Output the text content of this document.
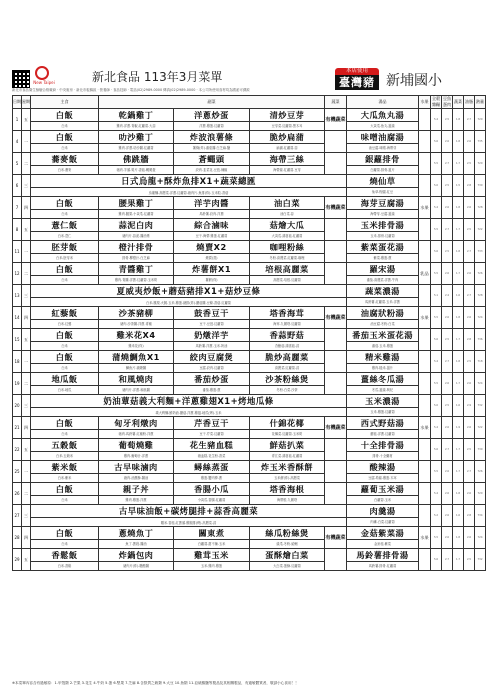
New Taipei	新北食品 113年3月菜單
新北市食品衛生檢驗合格廠商 ‧ 中央廚房 ‧ 新北市板橋區 ‧ 營養師 ‧ 食品技師 ‧ 電話(02)2989-0000 傳真(02)2989-0000 ‧ 本公司所使用食材均為國產可溯源
本店使用
臺灣豬 新埔國小
日期	星期	主食	副菜			蔬菜	湯品	水果	全榖雜糧	豆魚蛋肉	蔬菜	油脂	熱量
1	五	白飯	乾鍋雞丁	洋蔥炒蛋	清炒豆芽	有機蔬菜	大瓜魚丸湯		5.4	2.5	1.8	2.7	720
		白米	雞肉.洋蔥.青椒.紅蘿蔔.大蒜	洋蔥.雞蛋.紅蘿蔔	豆芽菜.紅蘿蔔.黑木耳		大黃瓜.魚丸.薑絲						
4	一	白飯	叻沙雞丁	炸波浪薯條	脆炒扁蒲		味噌油腐湯		5.6	2.6	1.8	2.6	735
		白米	雞肉.洋蔥.叻沙醬.紅蘿蔔	薯條(炸).番茄醬.白芝麻.鹽	扁蒲.紅蘿蔔.蒜		油豆腐.味噌.海帶芽						
5	二	蕎麥飯	佛跳牆	蒼蠅頭	海帶三絲		銀蘿排骨		5.5	2.7	1.7	2.5	720
		白米.蕎麥	豬肉.芋頭.筍片.香菇.鵪鶉蛋	絞肉.韭菜花.豆豉.辣椒	海帶絲.紅蘿蔔.豆芽		白蘿蔔.排骨.薑片						
6	三	日式烏龍+酥炸魚排X1+蔬菜總匯					燒仙草		5.0	2.5	1.5	2.8	730
		烏龍麵.高麗菜.洋蔥.紅蘿蔔.豬肉片.魚排(炸).玉米粒.香菇					仙草.粉圓.紅豆						
7	四	白飯	腰果雞丁	洋芋肉醬	油白菜	有機蔬菜	海芽豆腐湯	水果	5.4	2.6	1.8	2.6	728
		白米	雞肉.腰果.小黃瓜.紅蘿蔔	馬鈴薯.絞肉.洋蔥	油白菜.蒜		海帶芽.豆腐.薑絲						
8	五	薏仁飯	蒜泥白肉	綜合滷味	菇燴大瓜		玉米排骨湯		5.5	2.7	1.7	2.5	722
		白米.薏仁	豬肉片.蒜泥.醬油膏	豆干.海帶.雞蛋.紅蘿蔔	大黃瓜.鴻喜菇.紅蘿蔔		玉米.排骨.紅蘿蔔						
11	一	胚芽飯	橙汁排骨	燒賣X2	咖哩粉絲		紫菜蛋花湯		5.6	2.5	1.8	2.7	733
		白米.胚芽米	排骨.柳橙汁.白芝麻	燒賣(蒸)	冬粉.高麗菜.紅蘿蔔.咖哩		紫菜.雞蛋.蔥						
12	二	白飯	青醬雞丁	炸薯餅X1	培根高麗菜		羅宋湯	乳品	5.5	2.6	1.7	2.6	726
		白米	雞肉.青醬.洋蔥.紅蘿蔔.玉米筍	薯餅(炸)	高麗菜.培根.紅蘿蔔		番茄.高麗菜.洋蔥.牛肉						
13	三	夏威夷炒飯+蘑菇豬排X1+菇炒豆條					蔬菜濃湯		5.1	2.4	1.6	2.7	728
		白米.鳳梨.火腿.玉米.雞蛋.豬排(炸).蘑菇醬.豆條.香菇.紅蘿蔔					馬鈴薯.紅蘿蔔.玉米.洋蔥						
14	四	紅藜飯	沙茶豬柳	鼓香豆干	塔香海茸	有機蔬菜	油腐狀粉湯	水果	5.5	2.6	1.8	2.6	724
		白米.紅藜	豬肉.沙茶醬.洋蔥.青椒	豆干.豆豉.紅蘿蔔	海茸.九層塔.紅蘿蔔		油豆腐.冬粉.白菜						
15	五	白飯	雞米花X4	奶燉洋芋	香蒜野菇		番茄玉米蛋花湯		5.6	2.5	1.7	2.8	736
		白米	雞米花(炸)	馬鈴薯.洋蔥.玉米.奶油	杏鮑菇.鴻喜菇.蒜		番茄.玉米.雞蛋						
18	一	白飯	蒲燒鯛魚X1	絞肉豆腐煲	脆炒高麗菜		精米雞湯		5.4	2.7	1.8	2.5	718
		白米	鯛魚片.蒲燒醬	豆腐.絞肉.紅蘿蔔	高麗菜.紅蘿蔔.蒜		雞肉.糙米.薑片						
19	二	地瓜飯	和風燒肉	番茄炒蛋	沙茶粉絲煲		薑絲冬瓜湯		5.5	2.6	1.7	2.6	724
		白米.地瓜	豬肉片.洋蔥.和風醬	番茄.雞蛋.蔥	冬粉.白菜.沙茶		冬瓜.薑絲.枸杞						
20	三	奶油蕈菇義大利麵+洋蔥雞翅X1+烤地瓜條					玉米濃湯		5.0	2.5	1.6	2.9	732
		義大利麵.鮮奶油.蘑菇.洋蔥.雞翅.地瓜(烤).玉米					玉米.雞蛋.紅蘿蔔						
21	四	白飯	甸牙利燉肉	芹香豆干	什錦花椰	有機蔬菜	西式野菇湯	水果	5.4	2.6	1.9	2.6	722
		白米	豬肉.馬鈴薯.紅椒粉.洋蔥	豆干.芹菜.紅蘿蔔	花椰菜.紅蘿蔔.玉米筍		蘑菇.洋蔥.紅蘿蔔						
22	五	五穀飯	葡萄燒雞	花生豬血糕	鮮菇扒菜		十全排骨湯		5.6	2.7	1.7	2.5	730
		白米.五穀米	雞肉.葡萄汁.洋蔥	豬血糕.花生粉.香菜	青江菜.鴻喜菇.紅蘿蔔		排骨.十全藥材						
25	一	紫米飯	古早味滷肉	蟳絲蒸蛋	炸玉米香酥餅		酸辣湯		5.5	2.6	1.7	2.7	726
		白米.紫米	豬肉.油蔥酥.醬油	雞蛋.蟹肉棒.蔥	玉米餅(炸).高麗菜		豆腐.筍絲.雞蛋.木耳						
26	二	白飯	親子丼	香腸小瓜	塔香海根		蘿蔔玉米湯		5.4	2.6	1.8	2.6	720
		白米	雞肉.雞蛋.洋蔥	小黃瓜.香腸.紅蘿蔔	海帶根.九層塔		白蘿蔔.玉米						
27	三	古早味油飯+碳烤腿排+蒜香高麗菜					肉羹湯		5.2	2.6	1.6	2.8	734
		糯米.香菇.紅蔥頭.雞腿排(烤).高麗菜.蒜					肉羹.白菜.紅蘿蔔						
28	四	白飯	蔥燒魚丁	關東煮	絲瓜粉絲煲	有機蔬菜	金菇紫菜湯	水果	5.5	2.6	1.8	2.6	724
		白米	魚丁.蔥段.醬油	白蘿蔔.甜不辣.玉米	絲瓜.冬粉.蛤蜊		金針菇.紫菜						
29	五	香鬆飯	炸鍋包肉	雞茸玉米	蛋酥燴白菜		馬鈴薯排骨湯		5.6	2.7	1.7	2.5	732
		白米.香鬆	豬肉片(炸).糖醋醬	玉米.雞肉.雞蛋	大白菜.蛋酥.紅蘿蔔		馬鈴薯.排骨.紅蘿蔔						
※本菜單內容含有過敏原：1.甲殼類 2.芒果 3.花生 4.牛奶 5.蛋 6.堅果 7.芝麻 8.含麩質之穀類 9.大豆 10.魚類 11.亞硫酸鹽等製品及其相關製品，有過敏體質者，敬請小心食用！！
